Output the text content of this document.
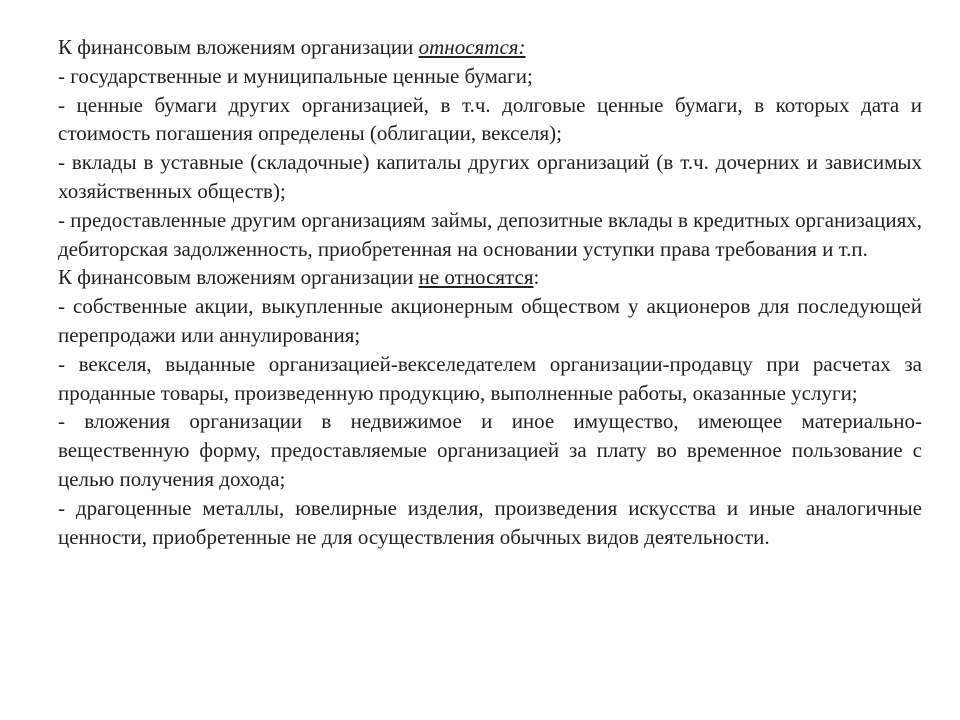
К финансовым вложениям организации относятся:

- государственные и муниципальные ценные бумаги;

- ценные бумаги других организацией, в т.ч. долговые ценные бумаги, в которых дата и стоимость погашения определены (облигации, векселя);

- вклады в уставные (складочные) капиталы других организаций (в т.ч. дочерних и зависимых хозяйственных обществ);

- предоставленные другим организациям займы, депозитные вклады в кредитных организациях, дебиторская задолженность, приобретенная на основании уступки права требования и т.п.

К финансовым вложениям организации не относятся:

- собственные акции, выкупленные акционерным обществом у акционеров для последующей перепродажи или аннулирования;

- векселя, выданные организацией-векселедателем организации-продавцу при расчетах за проданные товары, произведенную продукцию, выполненные работы, оказанные услуги;

- вложения организации в недвижимое и иное имущество, имеющее материально-вещественную форму, предоставляемые организацией за плату во временное пользование с целью получения дохода;

- драгоценные металлы, ювелирные изделия, произведения искусства и иные аналогичные ценности, приобретенные не для осуществления обычных видов деятельности.
